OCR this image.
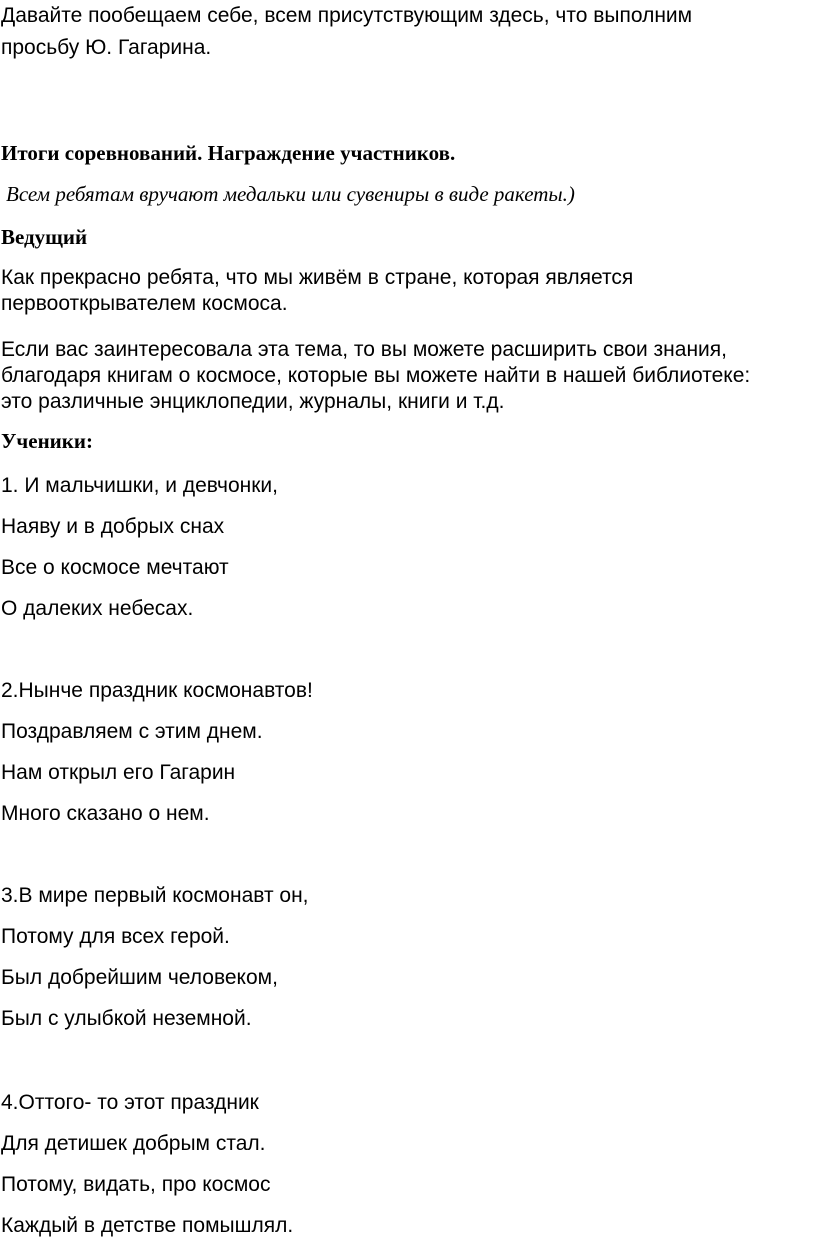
Давайте пообещаем себе, всем присутствующим здесь, что выполним

просьбу Ю. Гагарина.

Итоги соревнований. Награждение участников.

Всем ребятам вручают медальки или сувениры в виде ракеты.)

Ведущий

Как прекрасно ребята, что мы живём в стране, которая является

первооткрывателем космоса.

Если вас заинтересовала эта тема, то вы можете расширить свои знания,

благодаря книгам о космосе, которые вы можете найти в нашей библиотеке:

это различные энциклопедии, журналы, книги и т.д.

Ученики:

1. И мальчишки, и девчонки,

Наяву и в добрых снах

Все о космосе мечтают

О далеких небесах.

2.Нынче праздник космонавтов!

Поздравляем с этим днем.

Нам открыл его Гагарин

Много сказано о нем.

3.В мире первый космонавт он,

Потому для всех герой.

Был добрейшим человеком,

Был с улыбкой неземной.

4.Оттого- то этот праздник

Для детишек добрым стал.

Потому, видать, про космос

Каждый в детстве помышлял.
